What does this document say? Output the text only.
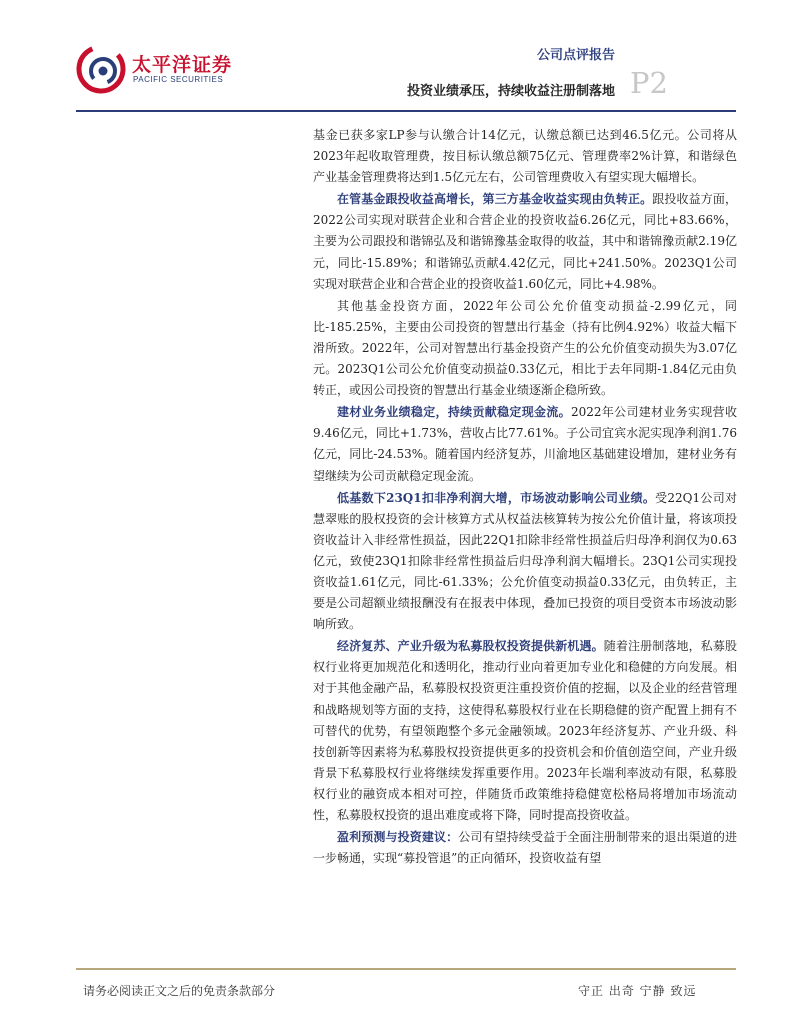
太平洋证券
PACIFIC SECURITIES
公司点评报告
投资业绩承压，持续收益注册制落地 P2

基金已获多家LP参与认缴合计14亿元，认缴总额已达到46.5亿元。公司将从2023年起收取管理费，按目标认缴总额75亿元、管理费率2%计算，和谐绿色产业基金管理费将达到1.5亿元左右，公司管理费收入有望实现大幅增长。

在管基金跟投收益高增长，第三方基金收益实现由负转正。跟投收益方面，2022公司实现对联营企业和合营企业的投资收益6.26亿元，同比+83.66%，主要为公司跟投和谐锦弘及和谐锦豫基金取得的收益，其中和谐锦豫贡献2.19亿元，同比-15.89%；和谐锦弘贡献4.42亿元，同比+241.50%。2023Q1公司实现对联营企业和合营企业的投资收益1.60亿元，同比+4.98%。

其他基金投资方面，2022年公司公允价值变动损益-2.99亿元，同比-185.25%，主要由公司投资的智慧出行基金（持有比例4.92%）收益大幅下滑所致。2022年，公司对智慧出行基金投资产生的公允价值变动损失为3.07亿元。2023Q1公司公允价值变动损益0.33亿元，相比于去年同期-1.84亿元由负转正，或因公司投资的智慧出行基金业绩逐渐企稳所致。

建材业务业绩稳定，持续贡献稳定现金流。2022年公司建材业务实现营收9.46亿元，同比+1.73%，营收占比77.61%。子公司宜宾水泥实现净利润1.76亿元，同比-24.53%。随着国内经济复苏，川渝地区基础建设增加，建材业务有望继续为公司贡献稳定现金流。

低基数下23Q1扣非净利润大增，市场波动影响公司业绩。受22Q1公司对慧翠账的股权投资的会计核算方式从权益法核算转为按公允价值计量，将该项投资收益计入非经常性损益，因此22Q1扣除非经常性损益后归母净利润仅为0.63亿元，致使23Q1扣除非经常性损益后归母净利润大幅增长。23Q1公司实现投资收益1.61亿元，同比-61.33%；公允价值变动损益0.33亿元，由负转正，主要是公司超额业绩报酬没有在报表中体现，叠加已投资的项目受资本市场波动影响所致。

经济复苏、产业升级为私募股权投资提供新机遇。随着注册制落地，私募股权行业将更加规范化和透明化，推动行业向着更加专业化和稳健的方向发展。相对于其他金融产品，私募股权投资更注重投资价值的挖掘，以及企业的经营管理和战略规划等方面的支持，这使得私募股权行业在长期稳健的资产配置上拥有不可替代的优势，有望领跑整个多元金融领域。2023年经济复苏、产业升级、科技创新等因素将为私募股权投资提供更多的投资机会和价值创造空间，产业升级背景下私募股权行业将继续发挥重要作用。2023年长端利率波动有限，私募股权行业的融资成本相对可控，伴随货币政策维持稳健宽松格局将增加市场流动性，私募股权投资的退出难度或将下降，同时提高投资收益。

盈利预测与投资建议：公司有望持续受益于全面注册制带来的退出渠道的进一步畅通，实现“募投管退”的正向循环，投资收益有望

请务必阅读正文之后的免责条款部分	守正 出奇 宁静 致远
